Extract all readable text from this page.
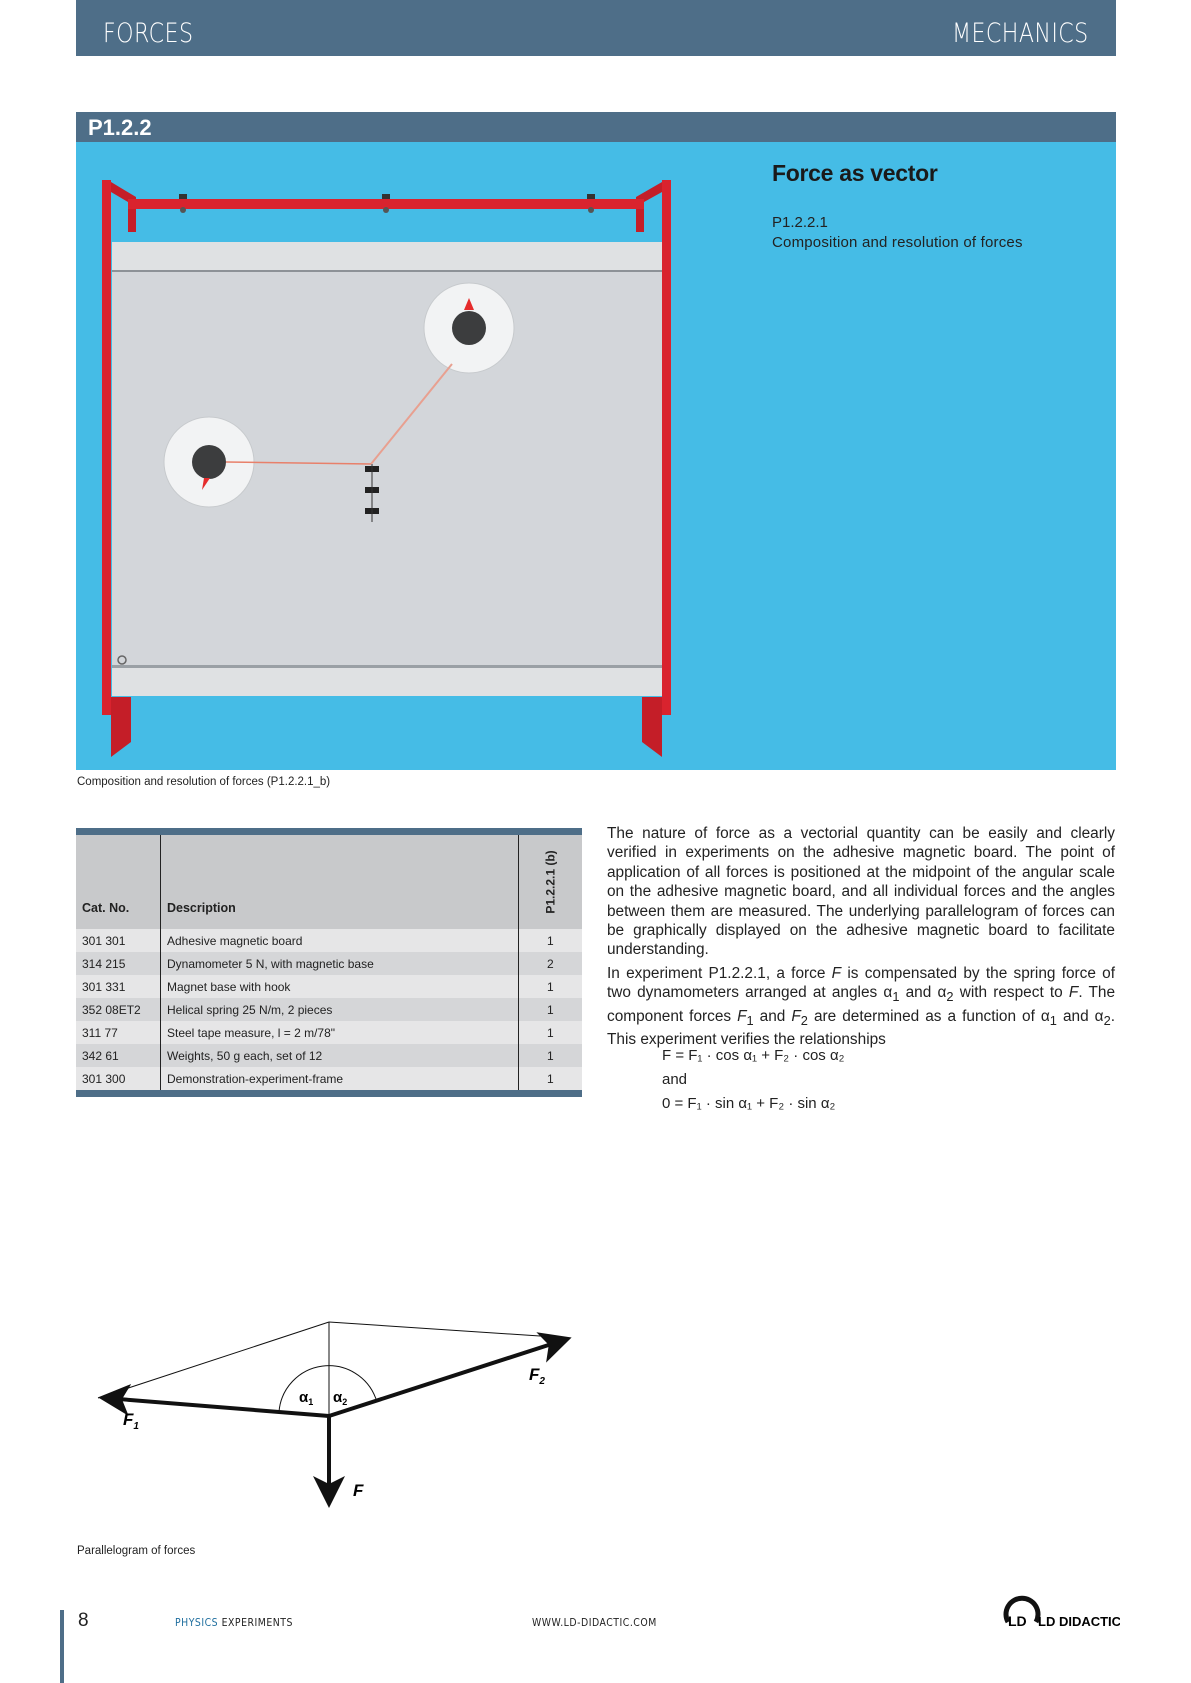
FORCES	MECHANICS
P1.2.2
Force as vector
P1.2.2.1
Composition and resolution of forces
Composition and resolution of forces (P1.2.2.1_b)
Cat. No.	Description	P1.2.2.1 (b)
301 301	Adhesive magnetic board	1
314 215	Dynamometer 5 N, with magnetic base	2
301 331	Magnet base with hook	1
352 08ET2	Helical spring 25 N/m, 2 pieces	1
311 77	Steel tape measure, l = 2 m/78"	1
342 61	Weights, 50 g each, set of 12	1
301 300	Demonstration-experiment-frame	1

The nature of force as a vectorial quantity can be easily and clearly verified in experiments on the adhesive magnetic board. The point of application of all forces is positioned at the midpoint of the angular scale on the adhesive magnetic board, and all individual forces and the angles between them are measured. The underlying parallelogram of forces can be graphically displayed on the adhesive magnetic board to facilitate understanding.

In experiment P1.2.2.1, a force F is compensated by the spring force of two dynamometers arranged at angles $\alpha_1$ and $\alpha_2$ with respect to F. The component forces $F_1$ and $F_2$ are determined as a function of $\alpha_1$ and $\alpha_2$. This experiment verifies the relationships

F = F₁ · cos α₁ + F₂ · cos α₂
and
0 = F₁ · sin α₁ + F₂ · sin α₂
$F_1$
$F_2$
F
$\alpha_1$ $\alpha_2$
Parallelogram of forces
8	PHYSICS EXPERIMENTS	WWW.LD-DIDACTIC.COM	LD LD DIDACTIC
